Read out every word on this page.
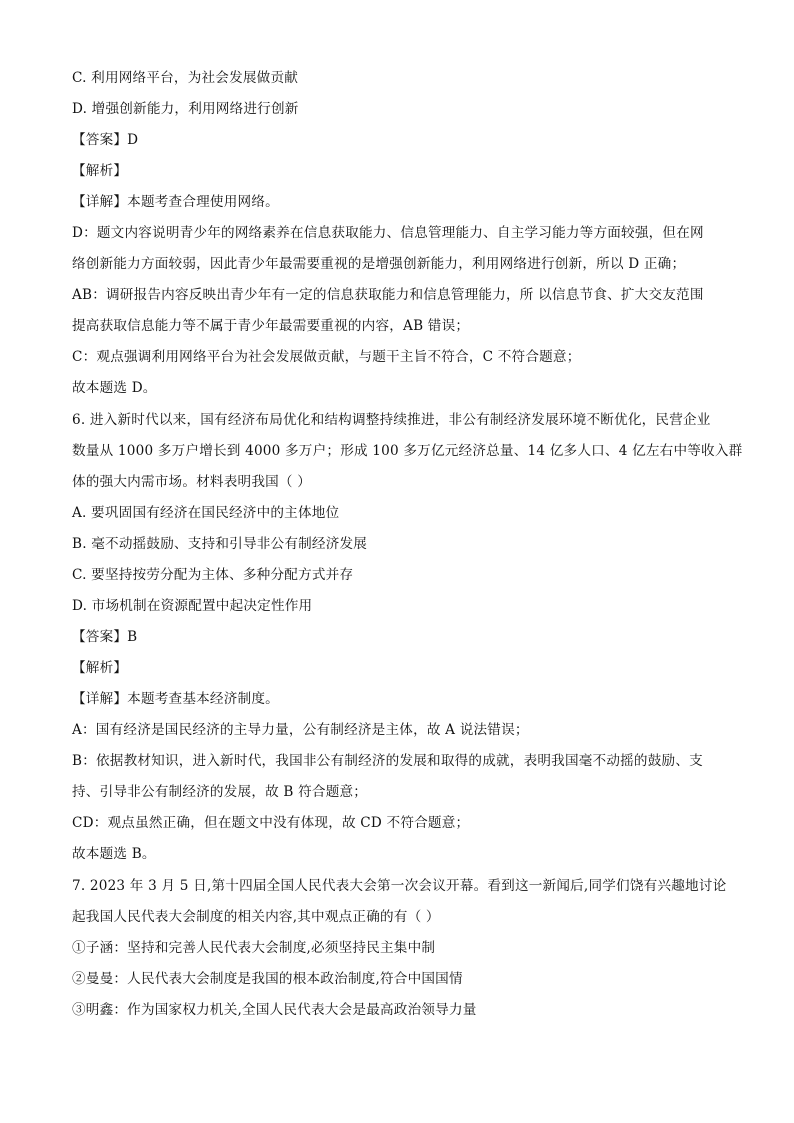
C. 利用网络平台，为社会发展做贡献
D. 增强创新能力，利用网络进行创新
【答案】D
【解析】
【详解】本题考查合理使用网络。
D：题文内容说明青少年的网络素养在信息获取能力、信息管理能力、自主学习能力等方面较强，但在网
络创新能力方面较弱，因此青少年最需要重视的是增强创新能力，利用网络进行创新，所以 D 正确；
AB：调研报告内容反映出青少年有一定的信息获取能力和信息管理能力，所 以信息节食、扩大交友范围
提高获取信息能力等不属于青少年最需要重视的内容，AB 错误；
C：观点强调利用网络平台为社会发展做贡献，与题干主旨不符合，C 不符合题意；
故本题选 D。
6. 进入新时代以来，国有经济布局优化和结构调整持续推进，非公有制经济发展环境不断优化，民营企业
数量从 1000 多万户增长到 4000 多万户；形成 100 多万亿元经济总量、14 亿多人口、4 亿左右中等收入群
体的强大内需市场。材料表明我国（ ）
A. 要巩固国有经济在国民经济中的主体地位
B. 毫不动摇鼓励、支持和引导非公有制经济发展
C. 要坚持按劳分配为主体、多种分配方式并存
D. 市场机制在资源配置中起决定性作用
【答案】B
【解析】
【详解】本题考查基本经济制度。
A：国有经济是国民经济的主导力量，公有制经济是主体，故 A 说法错误；
B：依据教材知识，进入新时代，我国非公有制经济的发展和取得的成就，表明我国毫不动摇的鼓励、支
持、引导非公有制经济的发展，故 B 符合题意；
CD：观点虽然正确，但在题文中没有体现，故 CD 不符合题意；
故本题选 B。
7. 2023 年 3 月 5 日,第十四届全国人民代表大会第一次会议开幕。看到这一新闻后,同学们饶有兴趣地讨论
起我国人民代表大会制度的相关内容,其中观点正确的有（ ）
①子涵：坚持和完善人民代表大会制度,必须坚持民主集中制
②曼曼：人民代表大会制度是我国的根本政治制度,符合中国国情
③明鑫：作为国家权力机关,全国人民代表大会是最高政治领导力量
